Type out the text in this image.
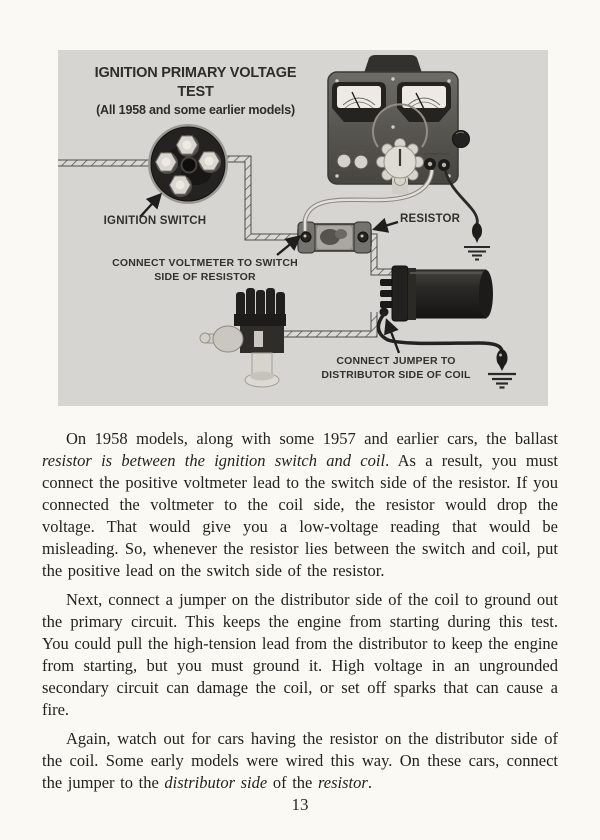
IGNITION PRIMARY VOLTAGE TEST
(All 1958 and some earlier models)
IGNITION SWITCH	RESISTOR
CONNECT VOLTMETER TO SWITCH
SIDE OF RESISTOR
CONNECT JUMPER TO
DISTRIBUTOR SIDE OF COIL

On 1958 models, along with some 1957 and earlier cars, the ballast resistor is between the ignition switch and coil. As a result, you must connect the positive voltmeter lead to the switch side of the resistor. If you connected the voltmeter to the coil side, the resistor would drop the voltage. That would give you a low-voltage reading that would be misleading. So, whenever the resistor lies between the switch and coil, put the positive lead on the switch side of the resistor.

Next, connect a jumper on the distributor side of the coil to ground out the primary circuit. This keeps the engine from starting during this test. You could pull the high-tension lead from the distributor to keep the engine from starting, but you must ground it. High voltage in an ungrounded secondary circuit can damage the coil, or set off sparks that can cause a fire.

Again, watch out for cars having the resistor on the distributor side of the coil. Some early models were wired this way. On these cars, connect the jumper to the distributor side of the resistor.

13
